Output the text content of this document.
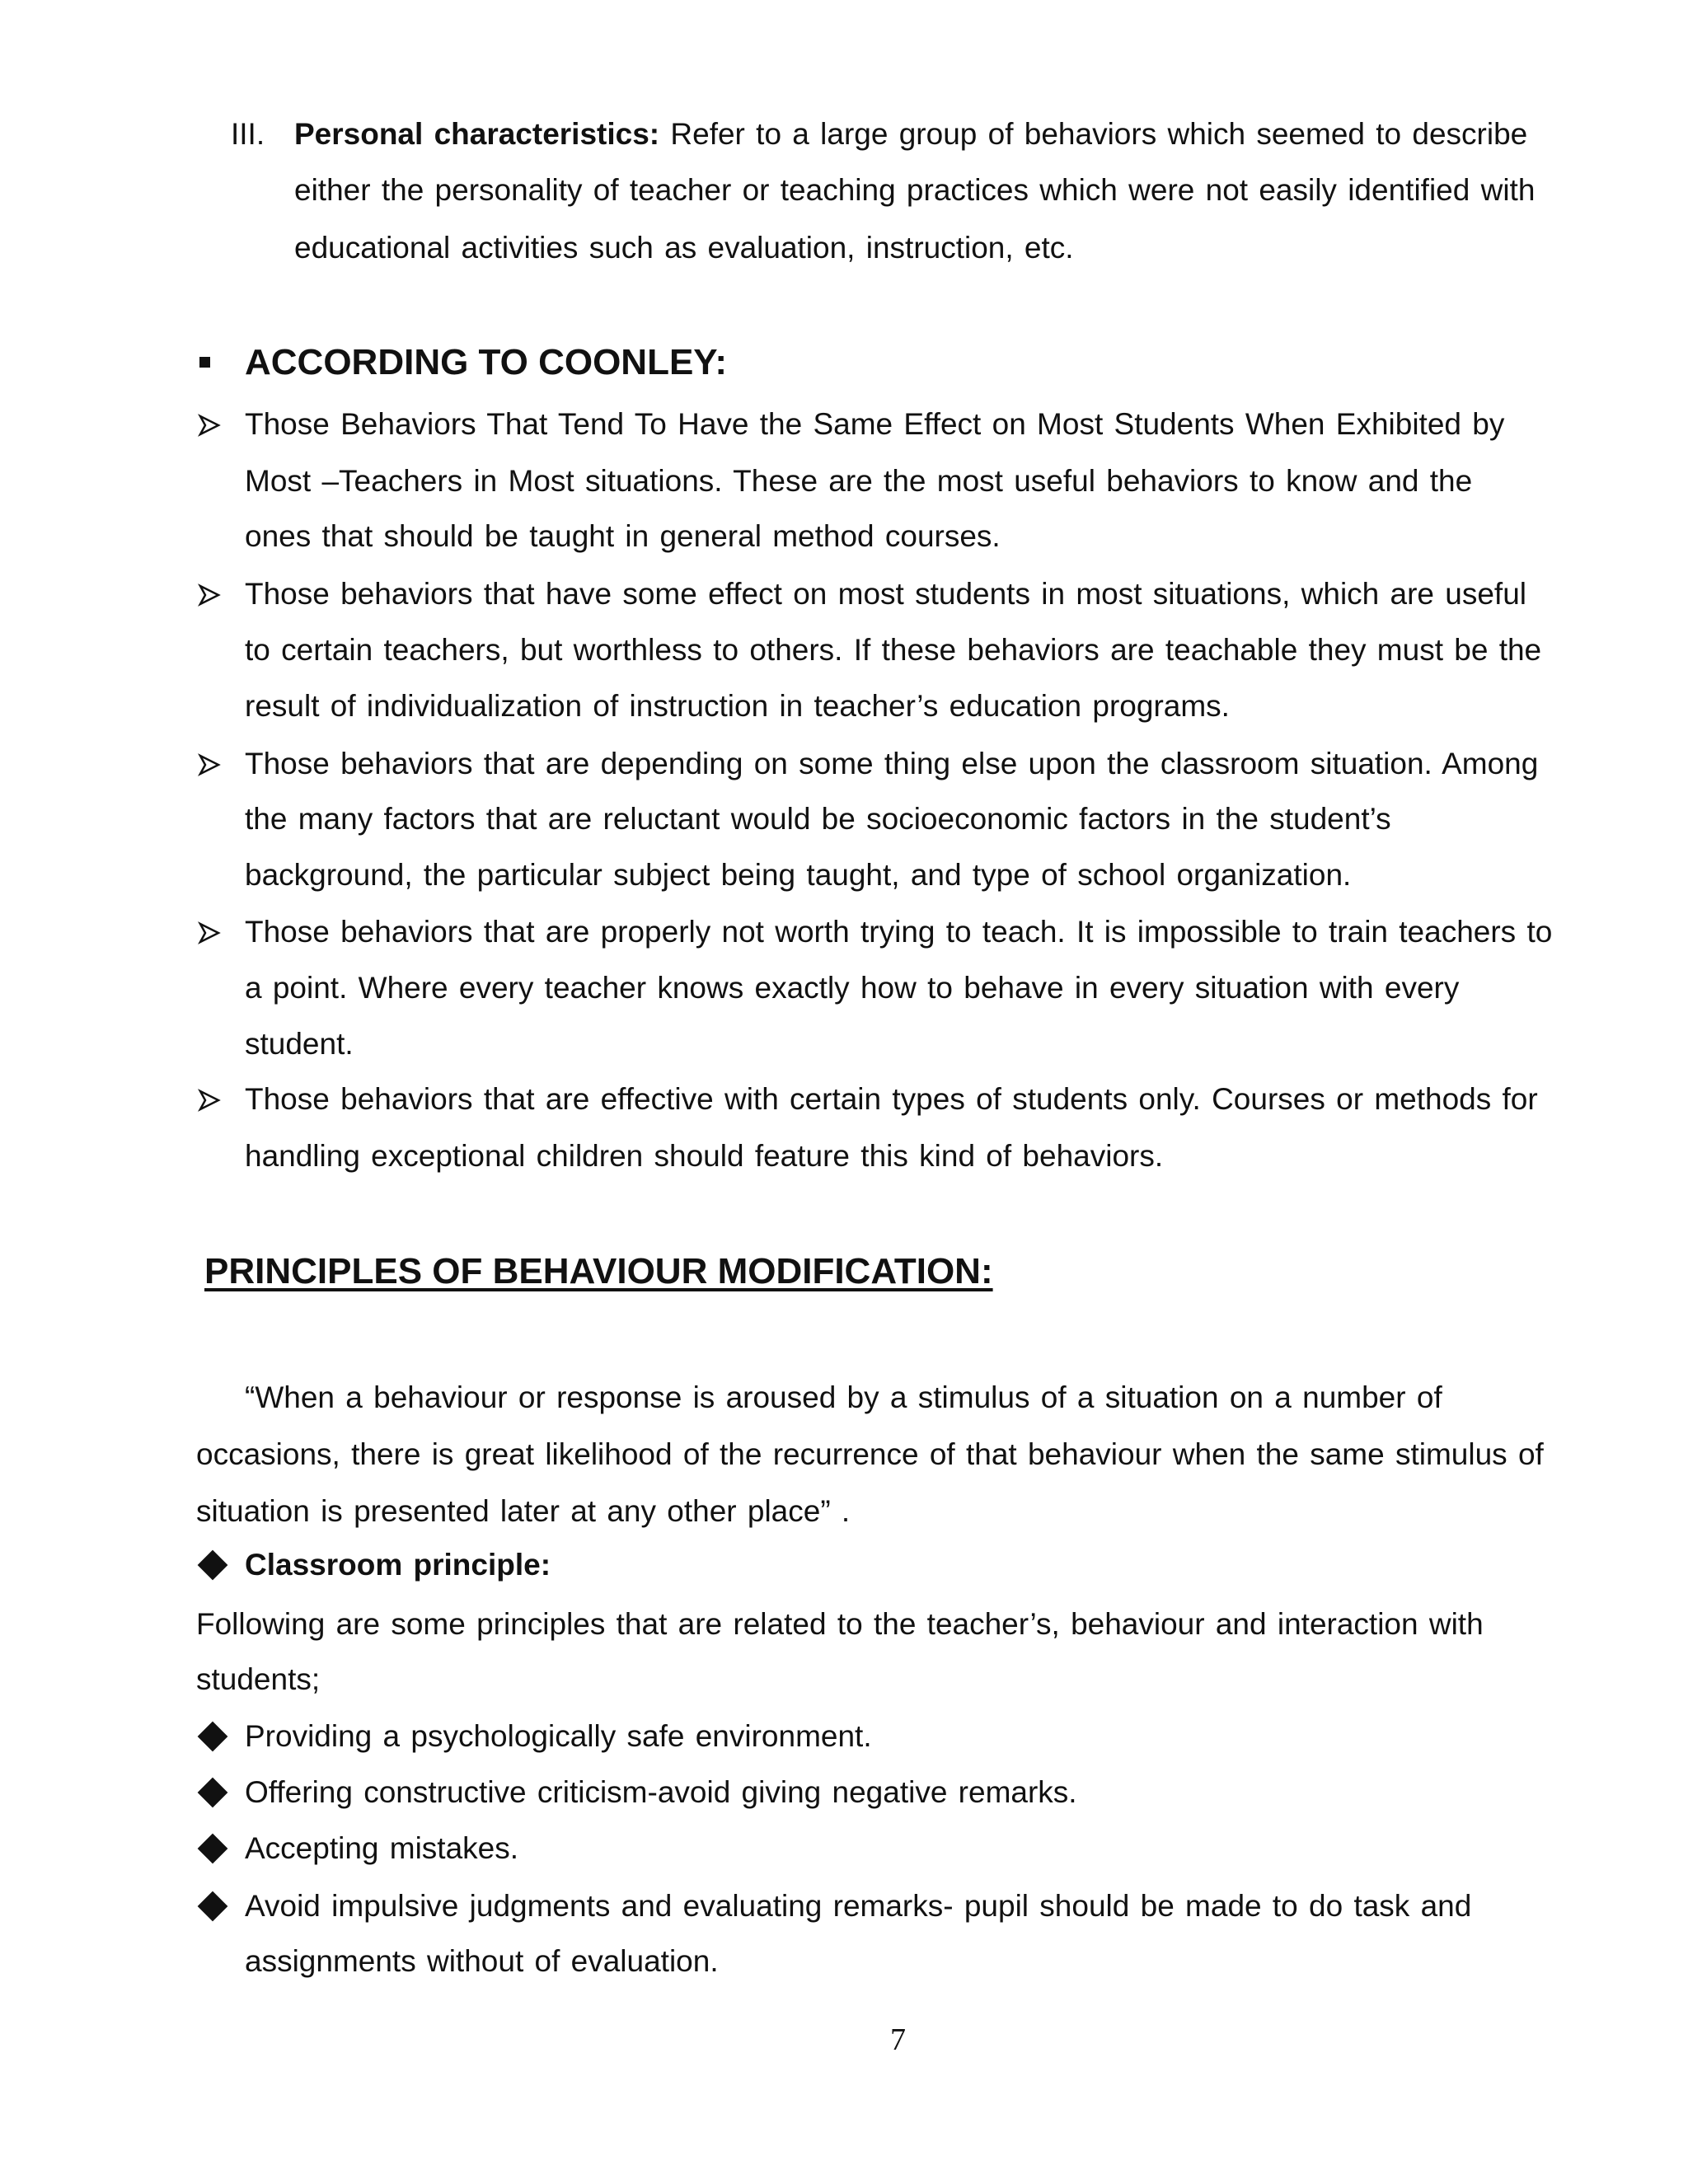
III. Personal characteristics: Refer to a large group of behaviors which seemed to describe
either the personality of teacher or teaching practices which were not easily identified with
educational activities such as evaluation, instruction, etc.
ACCORDING TO COONLEY:
Those Behaviors That Tend To Have the Same Effect on Most Students When Exhibited by
Most –Teachers in Most situations. These are the most useful behaviors to know and the
ones that should be taught in general method courses.
Those behaviors that have some effect on most students in most situations, which are useful
to certain teachers, but worthless to others. If these behaviors are teachable they must be the
result of individualization of instruction in teacher’s education programs.
Those behaviors that are depending on some thing else upon the classroom situation. Among
the many factors that are reluctant would be socioeconomic factors in the student’s
background, the particular subject being taught, and type of school organization.
Those behaviors that are properly not worth trying to teach. It is impossible to train teachers to
a point. Where every teacher knows exactly how to behave in every situation with every
student.
Those behaviors that are effective with certain types of students only. Courses or methods for
handling exceptional children should feature this kind of behaviors.
PRINCIPLES OF BEHAVIOUR MODIFICATION:
“When a behaviour or response is aroused by a stimulus of a situation on a number of
occasions, there is great likelihood of the recurrence of that behaviour when the same stimulus of
situation is presented later at any other place” .
Classroom principle:
Following are some principles that are related to the teacher’s, behaviour and interaction with
students;
Providing a psychologically safe environment.
Offering constructive criticism-avoid giving negative remarks.
Accepting mistakes.
Avoid impulsive judgments and evaluating remarks- pupil should be made to do task and
assignments without of evaluation.
7
